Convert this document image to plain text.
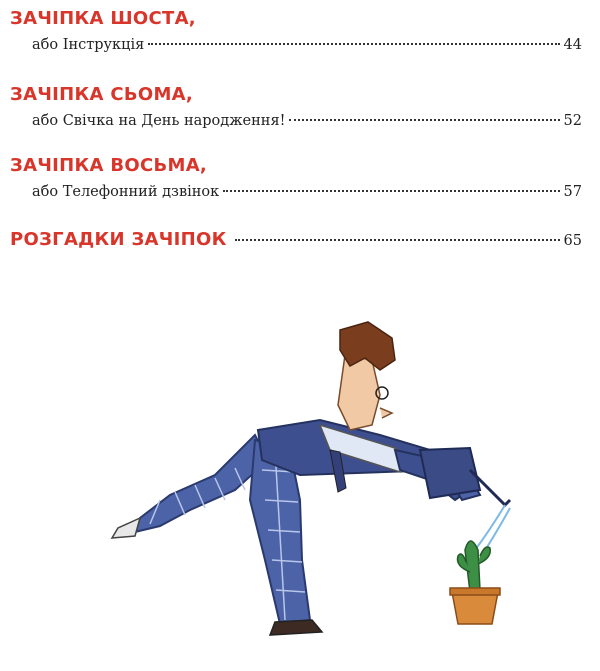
ЗАЧІПКА ШОСТА,
або Інструкція	44
ЗАЧІПКА СЬОМА,
або Свічка на День народження!	52
ЗАЧІПКА ВОСЬМА,
або Телефонний дзвінок	57
РОЗГАДКИ ЗАЧІПОК	65
